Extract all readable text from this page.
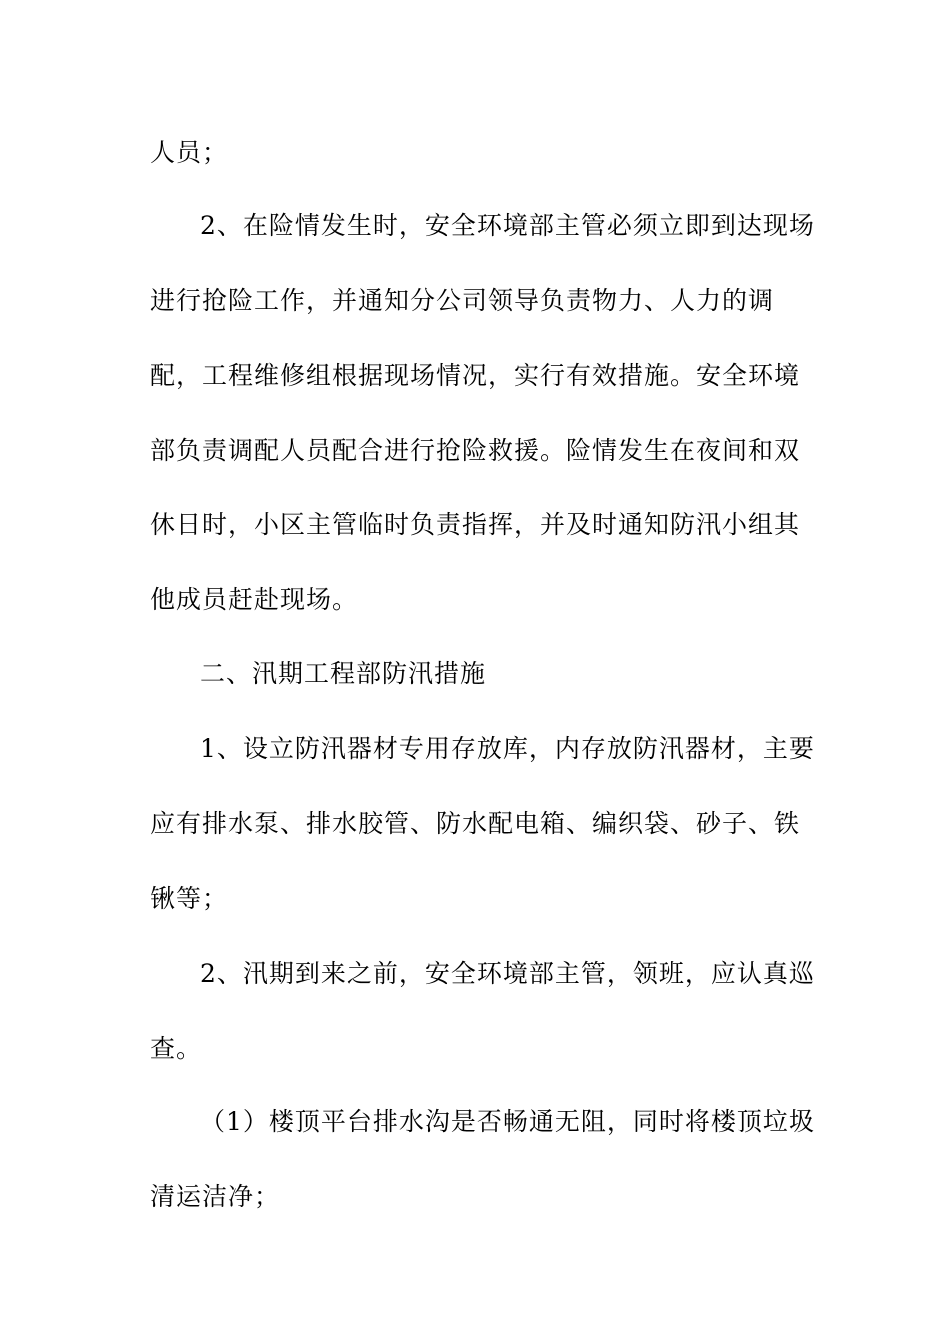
人员；
2、在险情发生时，安全环境部主管必须立即到达现场
进行抢险工作，并通知分公司领导负责物力、人力的调
配，工程维修组根据现场情况，实行有效措施。安全环境
部负责调配人员配合进行抢险救援。险情发生在夜间和双
休日时，小区主管临时负责指挥，并及时通知防汛小组其
他成员赶赴现场。
二、汛期工程部防汛措施
1、设立防汛器材专用存放库，内存放防汛器材，主要
应有排水泵、排水胶管、防水配电箱、编织袋、砂子、铁
锹等；
2、汛期到来之前，安全环境部主管，领班，应认真巡
查。
（1）楼顶平台排水沟是否畅通无阻，同时将楼顶垃圾
清运洁净；
